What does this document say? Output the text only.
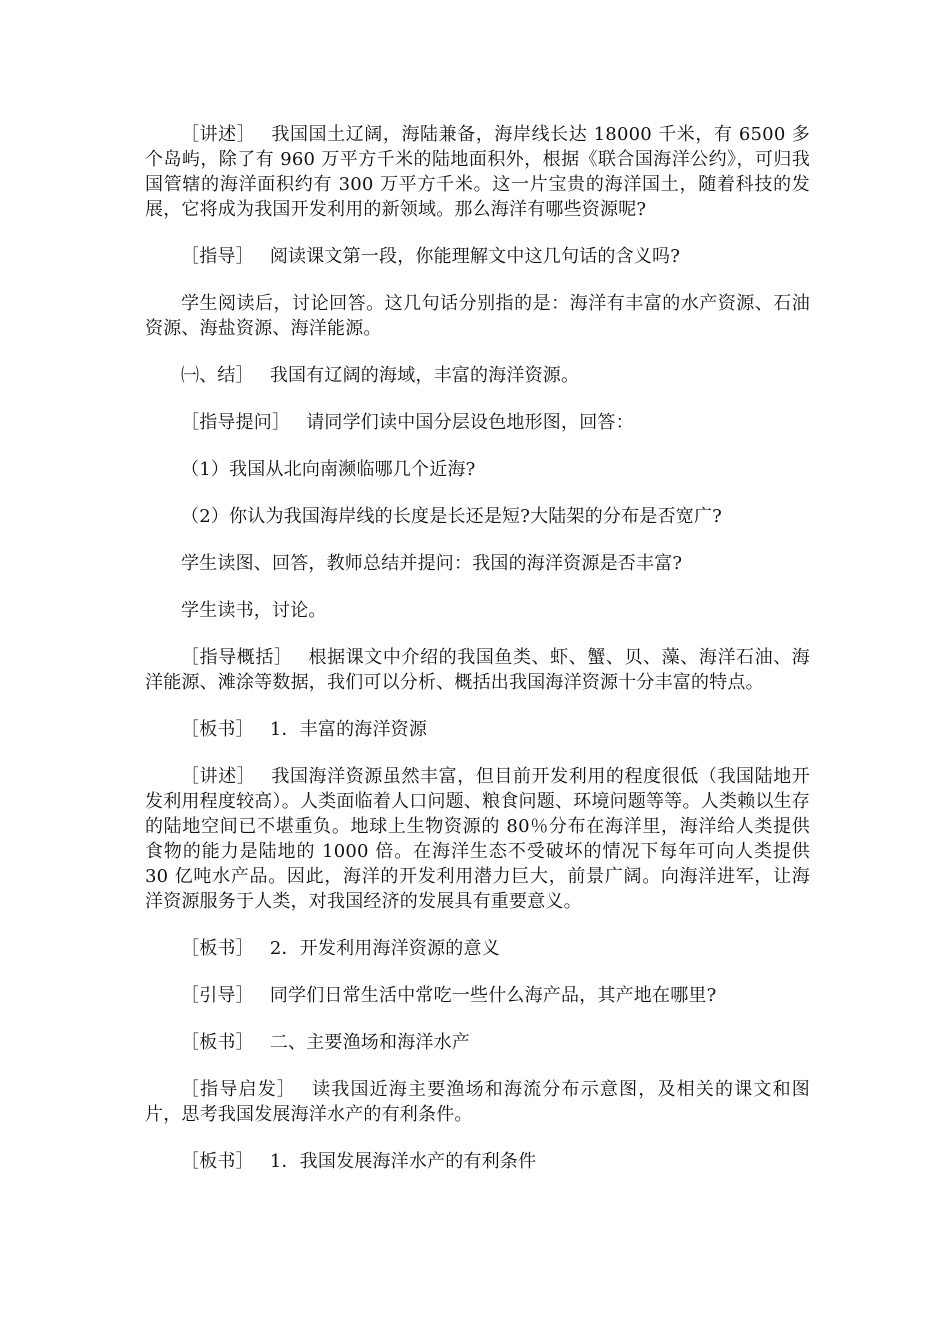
［讲述］ 我国国土辽阔，海陆兼备，海岸线长达 18000 千米，有 6500 多个岛屿，除了有 960 万平方千米的陆地面积外，根据《联合国海洋公约》，可归我国管辖的海洋面积约有 300 万平方千米。这一片宝贵的海洋国土，随着科技的发展，它将成为我国开发利用的新领域。那么海洋有哪些资源呢?

［指导］ 阅读课文第一段，你能理解文中这几句话的含义吗?

学生阅读后，讨论回答。这几句话分别指的是：海洋有丰富的水产资源、石油资源、海盐资源、海洋能源。

㈠、结］ 我国有辽阔的海域，丰富的海洋资源。

［指导提问］ 请同学们读中国分层设色地形图，回答：

（1）我国从北向南濒临哪几个近海?

（2）你认为我国海岸线的长度是长还是短?大陆架的分布是否宽广?

学生读图、回答，教师总结并提问：我国的海洋资源是否丰富?

学生读书，讨论。

［指导概括］ 根据课文中介绍的我国鱼类、虾、蟹、贝、藻、海洋石油、海洋能源、滩涂等数据，我们可以分析、概括出我国海洋资源十分丰富的特点。

［板书］ 1．丰富的海洋资源

［讲述］ 我国海洋资源虽然丰富，但目前开发利用的程度很低（我国陆地开发利用程度较高）。人类面临着人口问题、粮食问题、环境问题等等。人类赖以生存的陆地空间已不堪重负。地球上生物资源的 80％分布在海洋里，海洋给人类提供食物的能力是陆地的 1000 倍。在海洋生态不受破坏的情况下每年可向人类提供 30 亿吨水产品。因此，海洋的开发利用潜力巨大，前景广阔。向海洋进军，让海洋资源服务于人类，对我国经济的发展具有重要意义。

［板书］ 2．开发利用海洋资源的意义

［引导］ 同学们日常生活中常吃一些什么海产品，其产地在哪里?

［板书］ 二、主要渔场和海洋水产

［指导启发］ 读我国近海主要渔场和海流分布示意图，及相关的课文和图片，思考我国发展海洋水产的有利条件。

［板书］ 1．我国发展海洋水产的有利条件
